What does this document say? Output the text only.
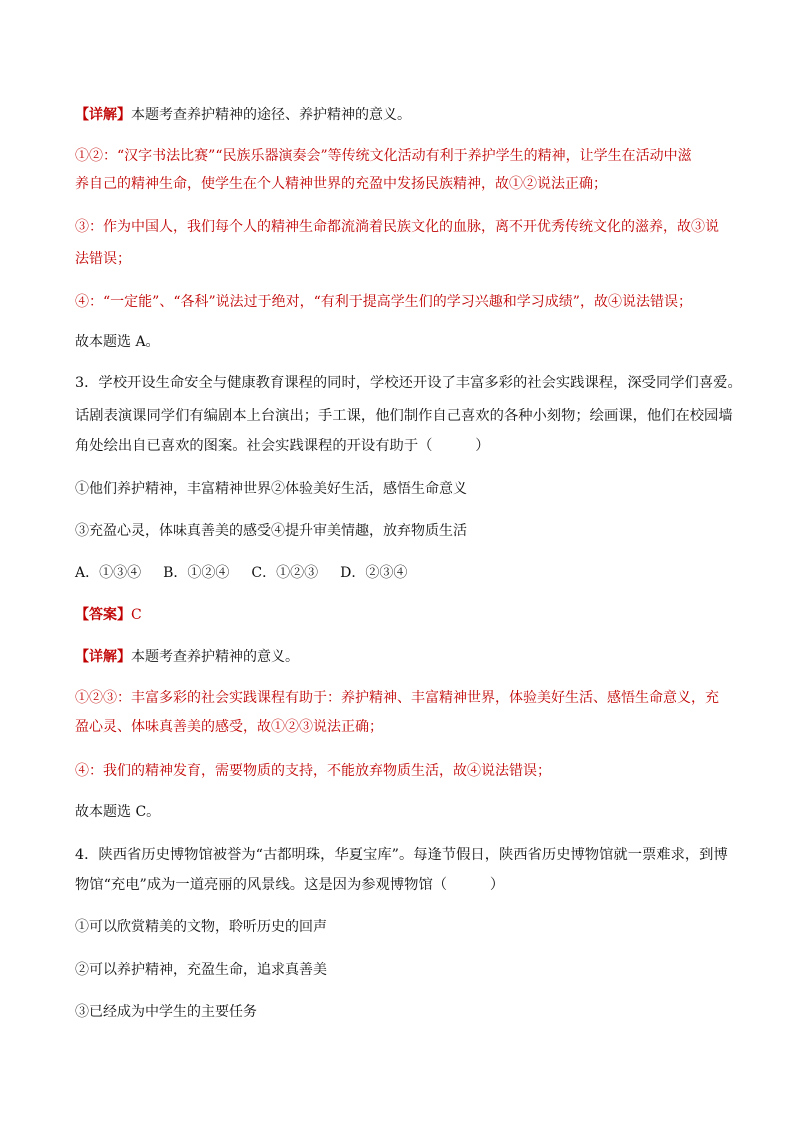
【详解】本题考查养护精神的途径、养护精神的意义。
①②：“汉字书法比赛”“民族乐器演奏会”等传统文化活动有利于养护学生的精神，让学生在活动中滋
养自己的精神生命，使学生在个人精神世界的充盈中发扬民族精神，故①②说法正确；
③：作为中国人，我们每个人的精神生命都流淌着民族文化的血脉，离不开优秀传统文化的滋养，故③说
法错误；
④：“一定能”、“各科”说法过于绝对，“有利于提高学生们的学习兴趣和学习成绩”，故④说法错误；
故本题选 A。
3．学校开设生命安全与健康教育课程的同时，学校还开设了丰富多彩的社会实践课程，深受同学们喜爱。
话剧表演课同学们有编剧本上台演出；手工课，他们制作自己喜欢的各种小刻物；绘画课，他们在校园墙
角处绘出自已喜欢的图案。社会实践课程的开设有助于（　　　）
①他们养护精神，丰富精神世界②体验美好生活，感悟生命意义
③充盈心灵，体味真善美的感受④提升审美情趣，放弃物质生活
A．①③④ B．①②④ C．①②③ D．②③④
【答案】C
【详解】本题考查养护精神的意义。
①②③：丰富多彩的社会实践课程有助于：养护精神、丰富精神世界，体验美好生活、感悟生命意义，充
盈心灵、体味真善美的感受，故①②③说法正确；
④：我们的精神发育，需要物质的支持，不能放弃物质生活，故④说法错误；
故本题选 C。
4．陕西省历史博物馆被誉为“古都明珠，华夏宝库”。每逢节假日，陕西省历史博物馆就一票难求，到博
物馆“充电”成为一道亮丽的风景线。这是因为参观博物馆（　　　）
①可以欣赏精美的文物，聆听历史的回声
②可以养护精神，充盈生命，追求真善美
③已经成为中学生的主要任务
